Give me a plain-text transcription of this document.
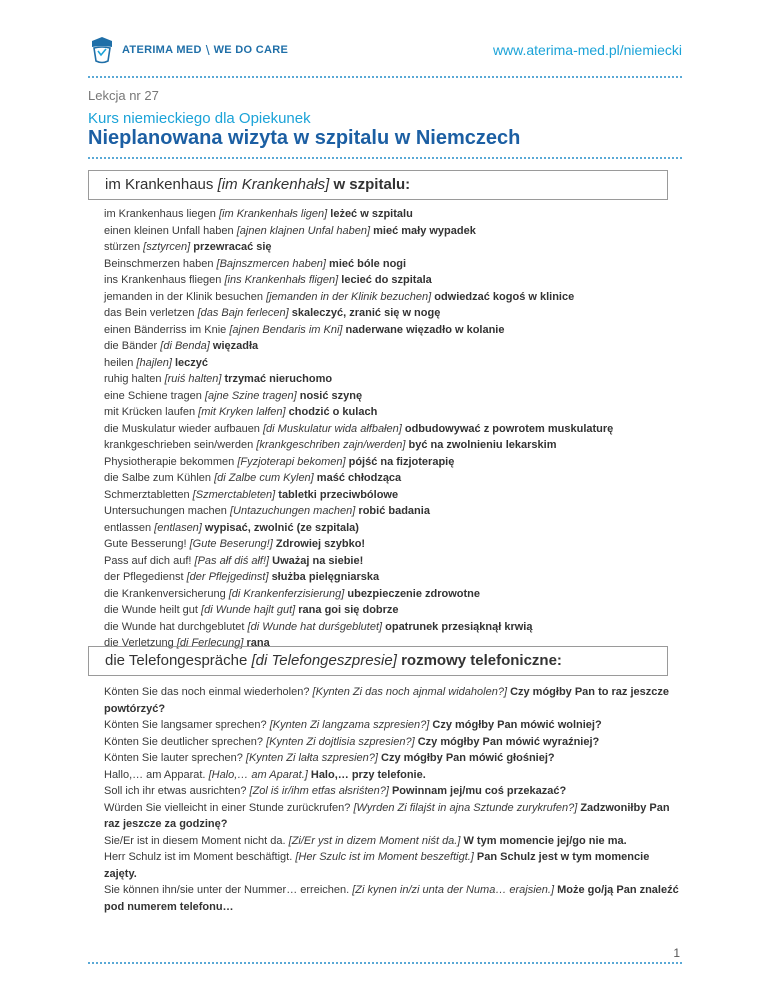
ATERIMA MED \ WE DO CARE	www.aterima-med.pl/niemiecki
Lekcja nr 27
Kurs niemieckiego dla Opiekunek
Nieplanowana wizyta w szpitalu w Niemczech
im Krankenhaus [im Krankenhałs] w szpitalu:
im Krankenhaus liegen [im Krankenhałs ligen] leżeć w szpitalu
einen kleinen Unfall haben [ajnen klajnen Unfal haben] mieć mały wypadek
stürzen [sztyrcen] przewracać się
Beinschmerzen haben [Bajnszmercen haben] mieć bóle nogi
ins Krankenhaus fliegen [ins Krankenhałs fligen] lecieć do szpitala
jemanden in der Klinik besuchen [jemanden in der Klinik bezuchen] odwiedzać kogoś w klinice
das Bein verletzen [das Bajn ferlecen] skaleczyć, zranić się w nogę
einen Bänderriss im Knie [ajnen Bendaris im Kni] naderwane więzadło w kolanie
die Bänder [di Benda] więzadła
heilen [hajlen] leczyć
ruhig halten [ruiś halten] trzymać nieruchomo
eine Schiene tragen [ajne Szine tragen] nosić szynę
mit Krücken laufen [mit Kryken lałfen] chodzić o kulach
die Muskulatur wieder aufbauen [di Muskulatur wida ałfbałen] odbudowywać z powrotem muskulaturę
krankgeschrieben sein/werden [krankgeschriben zajn/werden] być na zwolnieniu lekarskim
Physiotherapie bekommen [Fyzjoterapi bekomen] pójść na fizjoterapię
die Salbe zum Kühlen [di Zalbe cum Kylen] maść chłodząca
Schmerztabletten [Szmerctableten] tabletki przeciwbólowe
Untersuchungen machen [Untazuchungen machen] robić badania
entlassen [entlasen] wypisać, zwolnić (ze szpitala)
Gute Besserung! [Gute Beserung!] Zdrowiej szybko!
Pass auf dich auf! [Pas ałf diś ałf!] Uważaj na siebie!
der Pflegedienst [der Pflejgedinst] służba pielęgniarska
die Krankenversicherung [di Krankenferzisierung] ubezpieczenie zdrowotne
die Wunde heilt gut [di Wunde hajlt gut] rana goi się dobrze
die Wunde hat durchgeblutet [di Wunde hat durśgeblutet] opatrunek przesiąknął krwią
die Verletzung [di Ferlecung] rana
die Telefongespräche [di Telefongeszpresie] rozmowy telefoniczne:
Könten Sie das noch einmal wiederholen? [Kynten Zi das noch ajnmal widaholen?] Czy mógłby Pan to raz jeszcze powtórzyć?
Könten Sie langsamer sprechen? [Kynten Zi langzama szpresien?] Czy mógłby Pan mówić wolniej?
Könten Sie deutlicher sprechen? [Kynten Zi dojtlisia szpresien?] Czy mógłby Pan mówić wyraźniej?
Könten Sie lauter sprechen? [Kynten Zi lałta szpresien?] Czy mógłby Pan mówić głośniej?
Hallo,… am Apparat. [Halo,… am Aparat.] Halo,… przy telefonie.
Soll ich ihr etwas ausrichten? [Zol iś ir/ihm etfas ałsriśten?] Powinnam jej/mu coś przekazać?
Würden Sie vielleicht in einer Stunde zurückrufen? [Wyrden Zi filajśt in ajna Sztunde zurykrufen?] Zadzwoniłby Pan raz jeszcze za godzinę?
Sie/Er ist in diesem Moment nicht da. [Zi/Er yst in dizem Moment niśt da.] W tym momencie jej/go nie ma.
Herr Schulz ist im Moment beschäftigt. [Her Szulc ist im Moment beszeftigt.] Pan Schulz jest w tym momencie zajęty.
Sie können ihn/sie unter der Nummer… erreichen. [Zi kynen in/zi unta der Numa… erajsien.] Może go/ją Pan znaleźć pod numerem telefonu…
1
